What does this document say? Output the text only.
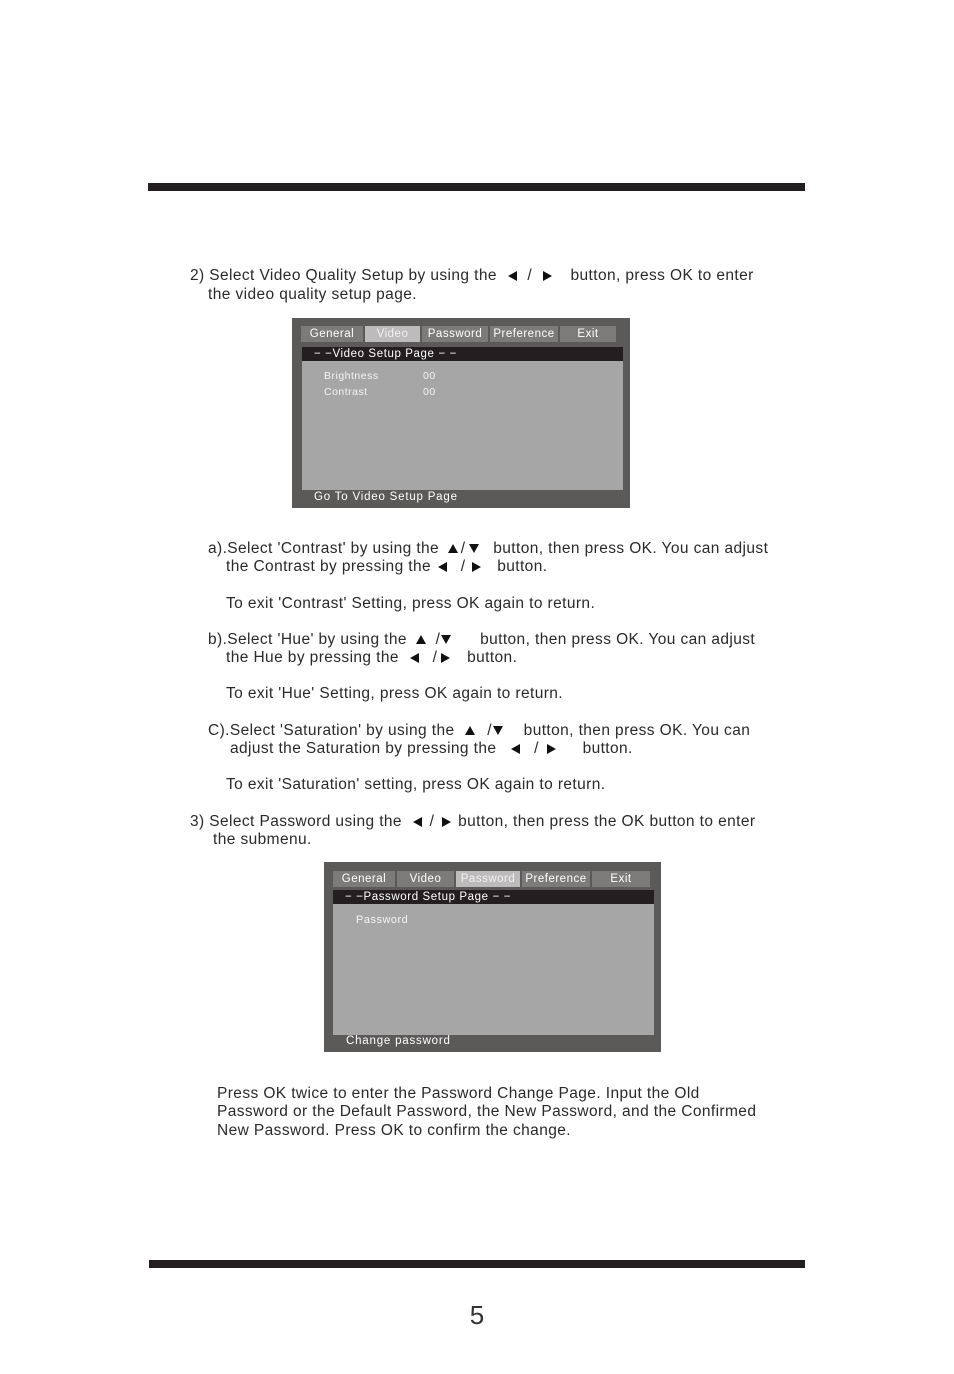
2) Select Video Quality Setup by using the / button, press OK to enter
the video quality setup page.
General	Video	Password Preference	Exit
− −Video Setup Page − −
Brightness	00
Contrast	00
Go To Video Setup Page
a).Select 'Contrast' by using the / button, then press OK. You can adjust
the Contrast by pressing the / button.
To exit 'Contrast' Setting, press OK again to return.
b).Select 'Hue' by using the /	button, then press OK. You can adjust
the Hue by pressing the / button.
To exit 'Hue' Setting, press OK again to return.
C).Select 'Saturation' by using the / button, then press OK. You can
adjust the Saturation by pressing the /	button.
To exit 'Saturation' setting, press OK again to return.
3) Select Password using the / button, then press the OK button to enter
the submenu.
General	Video	Password Preference	Exit
− −Password Setup Page − −
Password
Change password
Press OK twice to enter the Password Change Page. Input the Old
Password or the Default Password, the New Password, and the Confirmed
New Password. Press OK to confirm the change.
5
